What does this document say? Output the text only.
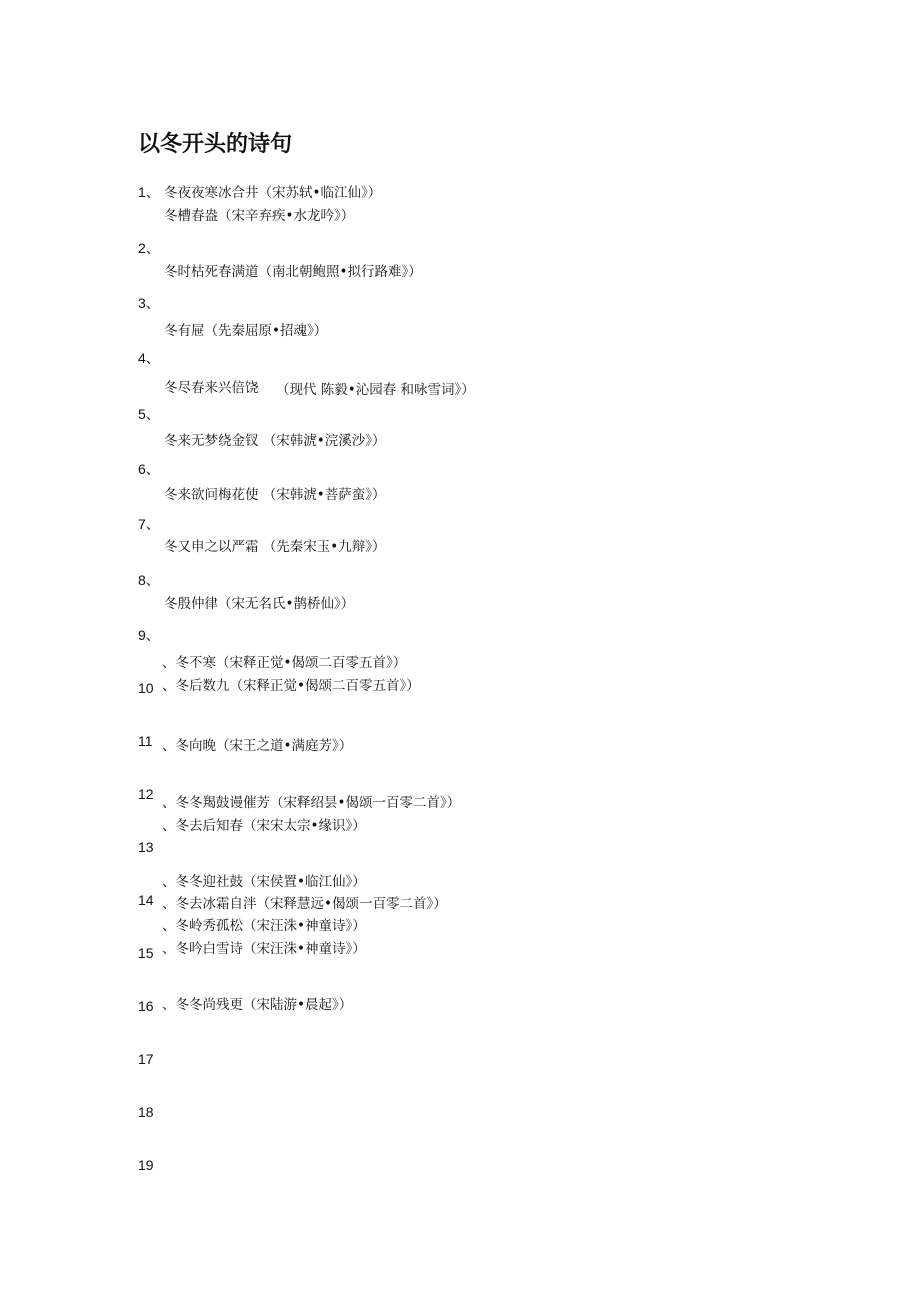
以冬开头的诗句
1、
2、
3、
4、
5、
6、
7、
8、
9、
10
11
12
13
14
15
16
17
18
19
冬夜夜寒冰合井（宋苏轼•临江仙》）
冬槽春盎（宋辛弃疾•水龙吟》）
冬时枯死春满道（南北朝鲍照•拟行路难》）
冬有屉（先秦屈原•招魂》）
冬尽春来兴倍饶 （现代 陈毅•沁园春 和咏雪词》）
冬来无梦绕金钗 （宋韩淲•浣溪沙》）
冬来欲问梅花使 （宋韩淲•菩萨蛮》）
冬又申之以严霜 （先秦宋玉•九辩》）
冬殷仲律（宋无名氏•鹊桥仙》）
、冬不寒（宋释正觉•偈颂二百零五首》）
、冬后数九（宋释正觉•偈颂二百零五首》）
、冬向晚（宋王之道•满庭芳》）
、冬冬羯鼓谩催芳（宋释绍昙•偈颂一百零二首》）
、冬去后知春（宋宋太宗•缘识》）
、冬冬迎社鼓（宋侯置•临江仙》）
、冬去冰霜自泮（宋释慧远•偈颂一百零二首》）
、冬岭秀孤松（宋汪洙•神童诗》）
、冬吟白雪诗（宋汪洙•神童诗》）
、冬冬尚残更（宋陆游•晨起》）
